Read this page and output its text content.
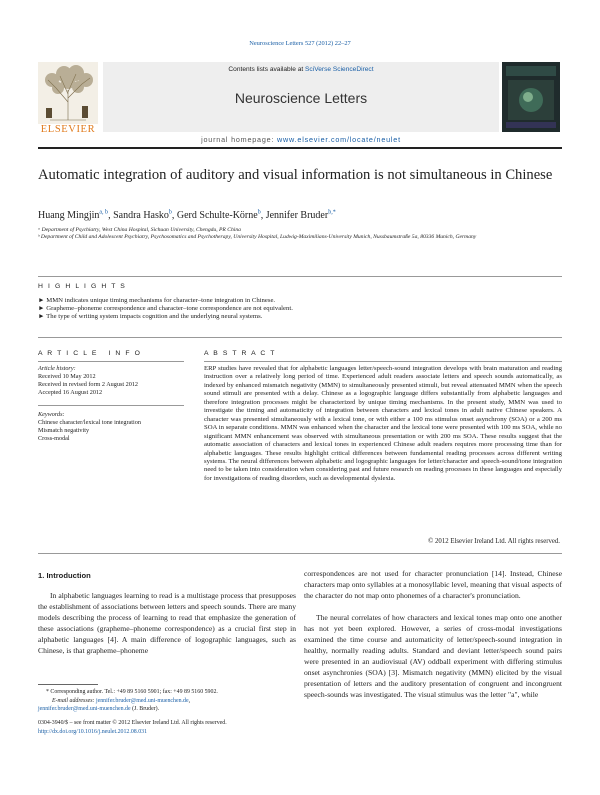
Neuroscience Letters 527 (2012) 22–27
ELSEVIER
Contents lists available at SciVerse ScienceDirect
Neuroscience Letters
journal homepage: www.elsevier.com/locate/neulet
Automatic integration of auditory and visual information is not simultaneous in Chinese
Huang Mingjin$^{a, b}$, Sandra Hasko$^b$, Gerd Schulte-Körne$^b$, Jennifer Bruder$^{b,*}$
ᵃ Department of Psychiatry, West China Hospital, Sichuan University, Chengdu, PR China
ᵇ Department of Child and Adolescent Psychiatry, Psychosomatics and Psychotherapy, University Hospital, Ludwig-Maximilians-University Munich, Nussbaumstraße 5a, 80336 Munich, Germany
H I G H L I G H T S
► MMN indicates unique timing mechanisms for character–tone integration in Chinese.
► Grapheme–phoneme correspondence and character–tone correspondence are not equivalent.
► The type of writing system impacts cognition and the underlying neural systems.
A R T I C L E   I N F O
Article history:
Received 10 May 2012
Received in revised form 2 August 2012
Accepted 16 August 2012
Keywords:
Chinese character/lexical tone integration
Mismatch negativity
Cross-modal
A B S T R A C T
ERP studies have revealed that for alphabetic languages letter/speech-sound integration develops with brain maturation and reading instruction over a relatively long period of time. Experienced adult readers associate letters and speech sounds automatically, as indexed by enhanced mismatch negativity (MMN) to simultaneously presented stimuli, but reveal attenuated MMN when the speech sound stimuli are presented with a delay. Chinese as a logographic language differs substantially from alphabetic languages and therefore integration processes might be characterized by unique timing mechanisms. In the present study, MMN was used to investigate the timing and automaticity of integration between characters and lexical tones in adult native Chinese speakers. A character was presented simultaneously with a lexical tone, or with either a 100 ms stimulus onset asynchrony (SOA) or a 200 ms SOA in separate conditions. MMN was enhanced when the character and the lexical tone were presented with 100 ms SOA, while no significant MMN enhancement was observed with simultaneous presentation or with 200 ms SOA. These results suggest that the automatic association of characters and lexical tones in experienced Chinese adult readers requires more processing time than for alphabetic languages. These results highlight critical differences between fundamental reading processes across different writing systems. The neural differences between alphabetic and logographic languages for letter/character and speech-sound/tone integration need to be taken into consideration when considering past and future research on reading processes in these languages and especially for investigations of reading disorders, such as developmental dyslexia.
© 2012 Elsevier Ireland Ltd. All rights reserved.
1. Introduction
In alphabetic languages learning to read is a multistage process that presupposes the establishment of associations between letters and speech sounds. There are many models describing the process of learning to read that emphasize the generation of these associations (grapheme–phoneme correspondence) as a crucial first step in alphabetic languages [4]. A main difference of logographic languages, such as Chinese, is that grapheme–phoneme
* Corresponding author. Tel.: +49 89 5160 5901; fax: +49 89 5160 5902.
E-mail addresses: jennifer.bruder@med.uni-muenchen.de,
jennifer.bruder@med.uni-muenchen.de (J. Bruder).
0304-3940/$ – see front matter © 2012 Elsevier Ireland Ltd. All rights reserved.
http://dx.doi.org/10.1016/j.neulet.2012.08.031
correspondences are not used for character pronunciation [14]. Instead, Chinese characters map onto syllables at a monosyllabic level, meaning that visual aspects of the character do not map onto phonemes of a character's pronunciation.
The neural correlates of how characters and lexical tones map onto one another has not yet been explored. However, a series of cross-modal investigations examined the time course and automaticity of letter/speech-sound integration in healthy, normally reading adults. Standard and deviant letter/speech sound pairs were presented in an audiovisual (AV) oddball experiment with differing stimulus onset asynchronies (SOA) [3]. Mismatch negativity (MMN) elicited by the visual presentation of letters and the auditory presentation of congruent and incongruent speech-sounds was investigated. The visual stimulus was the letter "a", while
